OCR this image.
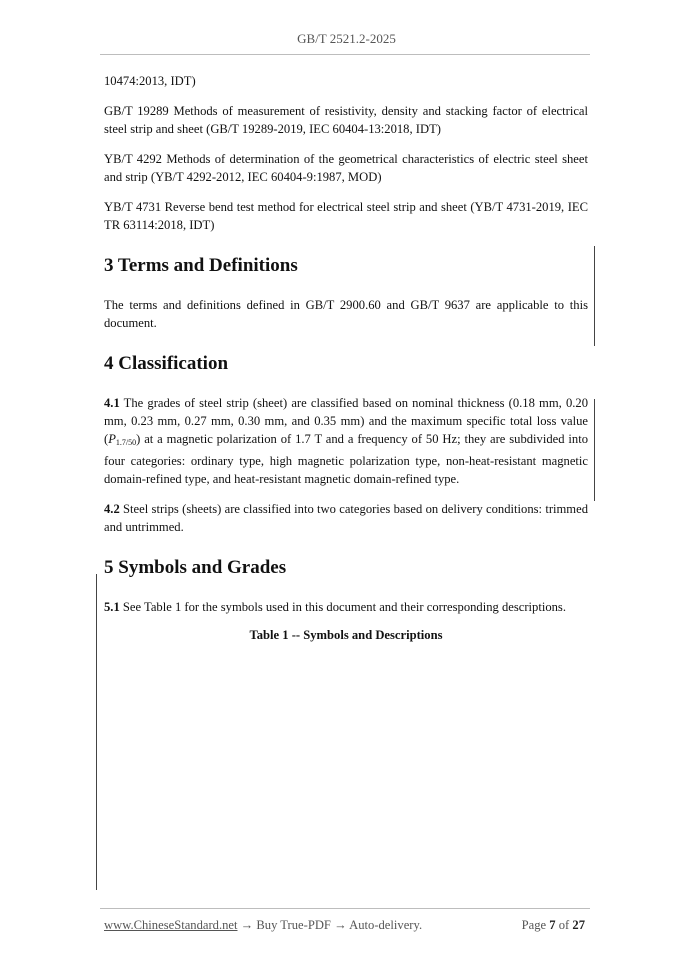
GB/T 2521.2-2025

10474:2013, IDT)

GB/T 19289 Methods of measurement of resistivity, density and stacking factor of electrical steel strip and sheet (GB/T 19289-2019, IEC 60404-13:2018, IDT)

YB/T 4292 Methods of determination of the geometrical characteristics of electric steel sheet and strip (YB/T 4292-2012, IEC 60404-9:1987, MOD)

YB/T 4731 Reverse bend test method for electrical steel strip and sheet (YB/T 4731-2019, IEC TR 63114:2018, IDT)

3 Terms and Definitions

The terms and definitions defined in GB/T 2900.60 and GB/T 9637 are applicable to this document.

4 Classification

4.1 The grades of steel strip (sheet) are classified based on nominal thickness (0.18 mm, 0.20 mm, 0.23 mm, 0.27 mm, 0.30 mm, and 0.35 mm) and the maximum specific total loss value $(P_{1.7/50})$ at a magnetic polarization of 1.7 T and a frequency of 50 Hz; they are subdivided into four categories: ordinary type, high magnetic polarization type, non-heat-resistant magnetic domain-refined type, and heat-resistant magnetic domain-refined type.

4.2 Steel strips (sheets) are classified into two categories based on delivery conditions: trimmed and untrimmed.

5 Symbols and Grades

5.1 See Table 1 for the symbols used in this document and their corresponding descriptions.

Table 1 -- Symbols and Descriptions
www.ChineseStandard.net → Buy True-PDF → Auto-delivery.	Page 7 of 27
